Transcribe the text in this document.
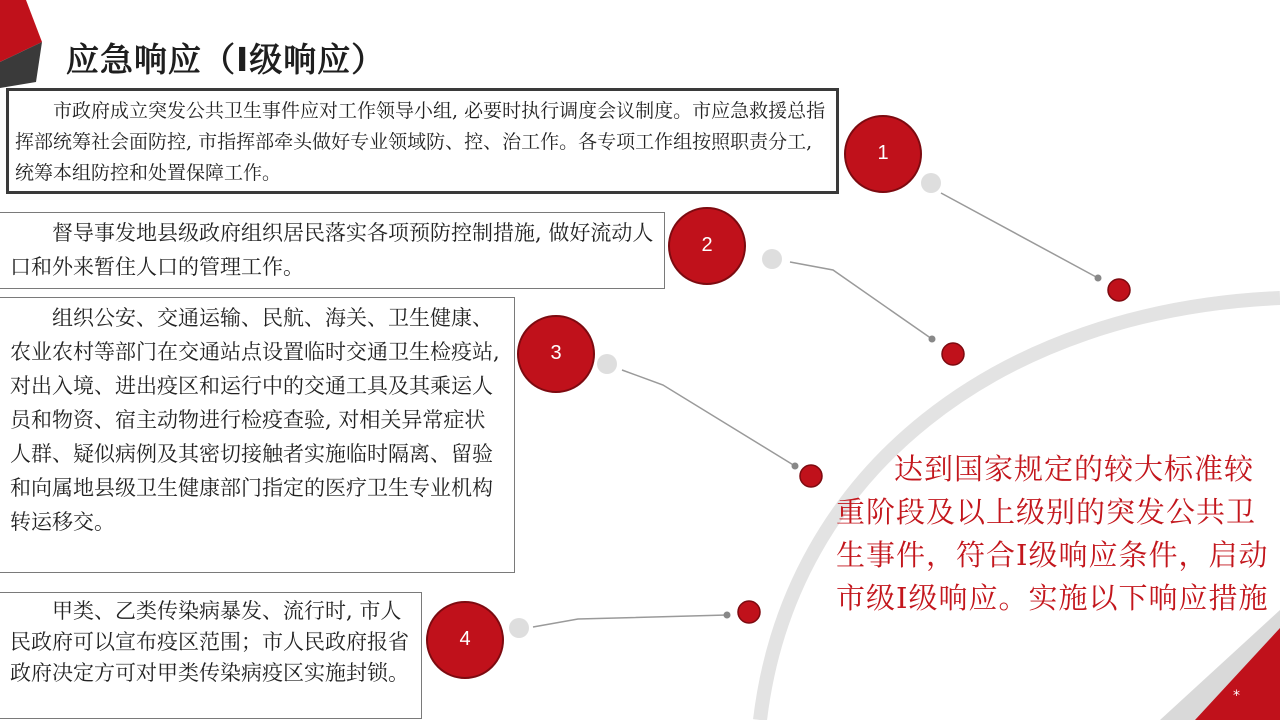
应急响应（Ⅰ级响应）

市政府成立突发公共卫生事件应对工作领导小组, 必要时执行调度会议制度。市应急救援总指挥部统筹社会面防控, 市指挥部牵头做好专业领域防、控、治工作。各专项工作组按照职责分工, 统筹本组防控和处置保障工作。

督导事发地县级政府组织居民落实各项预防控制措施, 做好流动人口和外来暂住人口的管理工作。

组织公安、交通运输、民航、海关、卫生健康、农业农村等部门在交通站点设置临时交通卫生检疫站, 对出入境、进出疫区和运行中的交通工具及其乘运人员和物资、宿主动物进行检疫查验, 对相关异常症状人群、疑似病例及其密切接触者实施临时隔离、留验和向属地县级卫生健康部门指定的医疗卫生专业机构转运移交。

甲类、乙类传染病暴发、流行时, 市人民政府可以宣布疫区范围；市人民政府报省政府决定方可对甲类传染病疫区实施封锁。

1
2
3
4

达到国家规定的较大标准较重阶段及以上级别的突发公共卫生事件，符合Ⅰ级响应条件，启动市级Ⅰ级响应。实施以下响应措施

*
